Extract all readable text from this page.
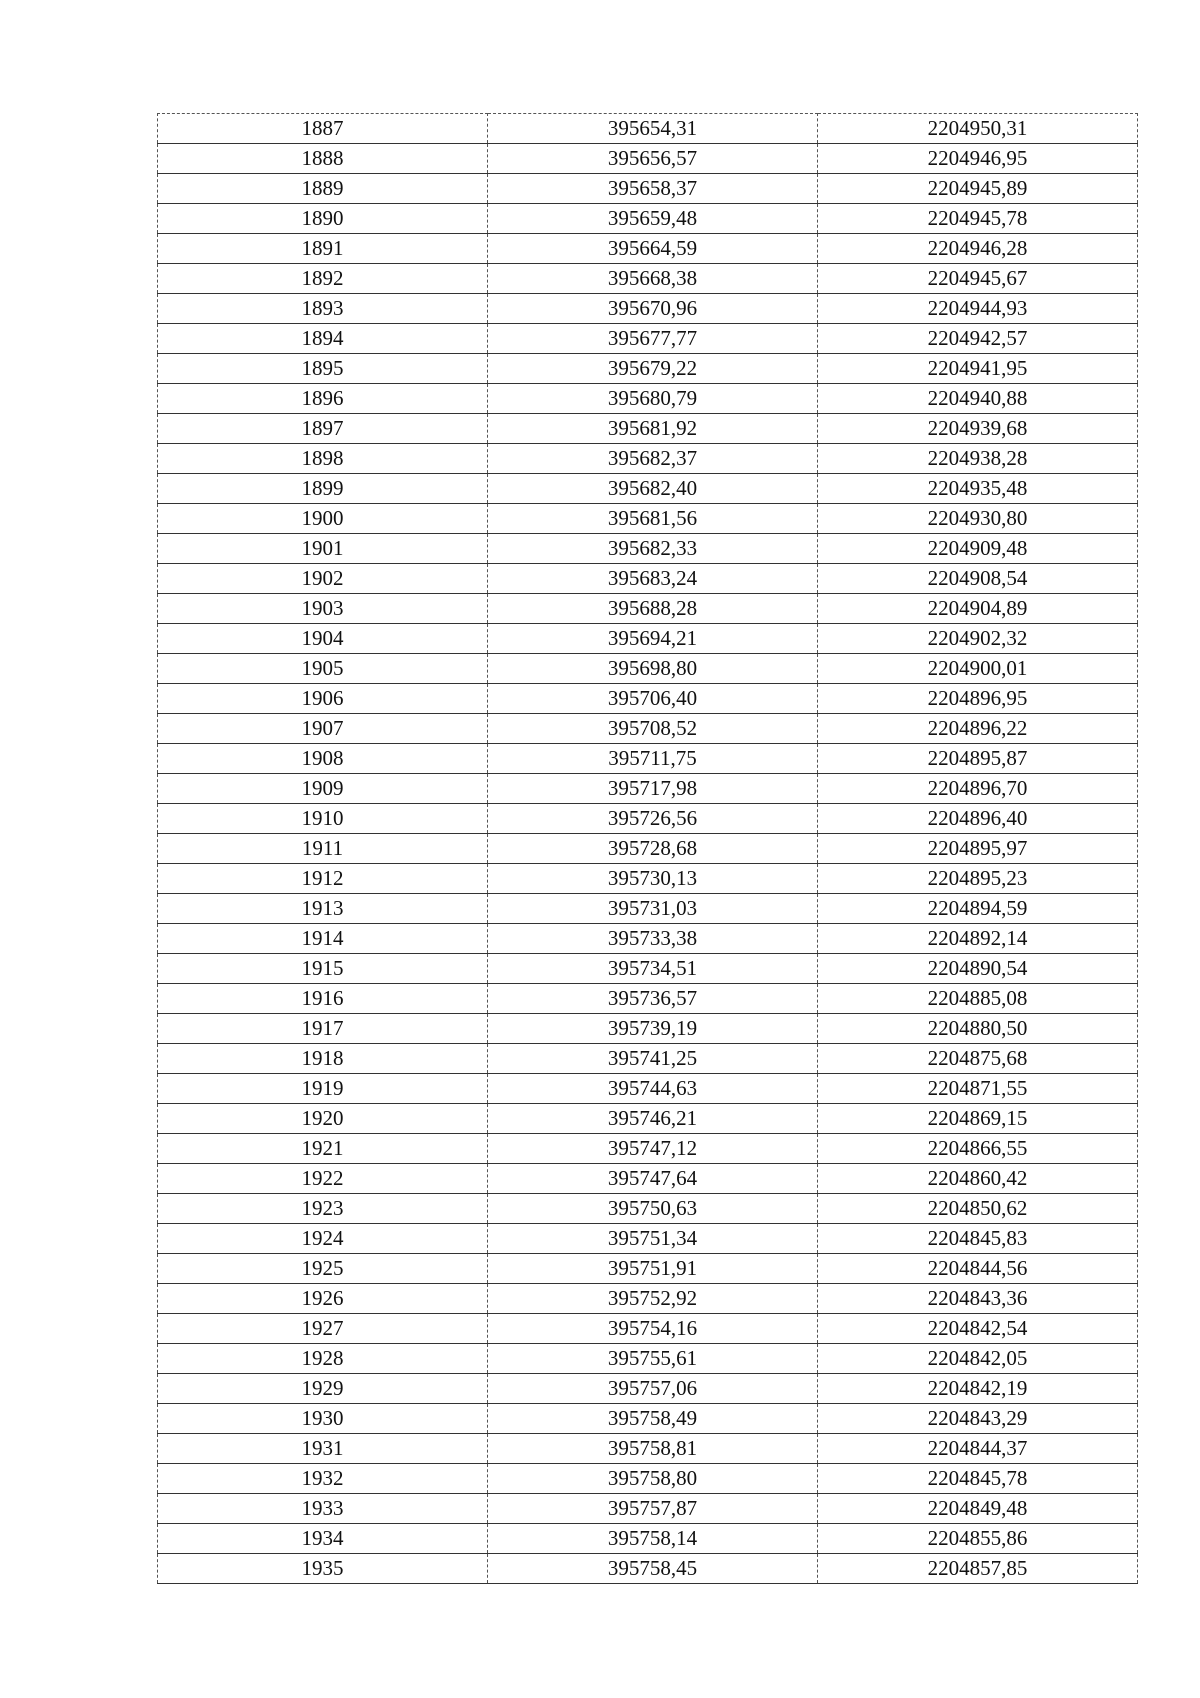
1887	395654,31	2204950,31
1888	395656,57	2204946,95
1889	395658,37	2204945,89
1890	395659,48	2204945,78
1891	395664,59	2204946,28
1892	395668,38	2204945,67
1893	395670,96	2204944,93
1894	395677,77	2204942,57
1895	395679,22	2204941,95
1896	395680,79	2204940,88
1897	395681,92	2204939,68
1898	395682,37	2204938,28
1899	395682,40	2204935,48
1900	395681,56	2204930,80
1901	395682,33	2204909,48
1902	395683,24	2204908,54
1903	395688,28	2204904,89
1904	395694,21	2204902,32
1905	395698,80	2204900,01
1906	395706,40	2204896,95
1907	395708,52	2204896,22
1908	395711,75	2204895,87
1909	395717,98	2204896,70
1910	395726,56	2204896,40
1911	395728,68	2204895,97
1912	395730,13	2204895,23
1913	395731,03	2204894,59
1914	395733,38	2204892,14
1915	395734,51	2204890,54
1916	395736,57	2204885,08
1917	395739,19	2204880,50
1918	395741,25	2204875,68
1919	395744,63	2204871,55
1920	395746,21	2204869,15
1921	395747,12	2204866,55
1922	395747,64	2204860,42
1923	395750,63	2204850,62
1924	395751,34	2204845,83
1925	395751,91	2204844,56
1926	395752,92	2204843,36
1927	395754,16	2204842,54
1928	395755,61	2204842,05
1929	395757,06	2204842,19
1930	395758,49	2204843,29
1931	395758,81	2204844,37
1932	395758,80	2204845,78
1933	395757,87	2204849,48
1934	395758,14	2204855,86
1935	395758,45	2204857,85
